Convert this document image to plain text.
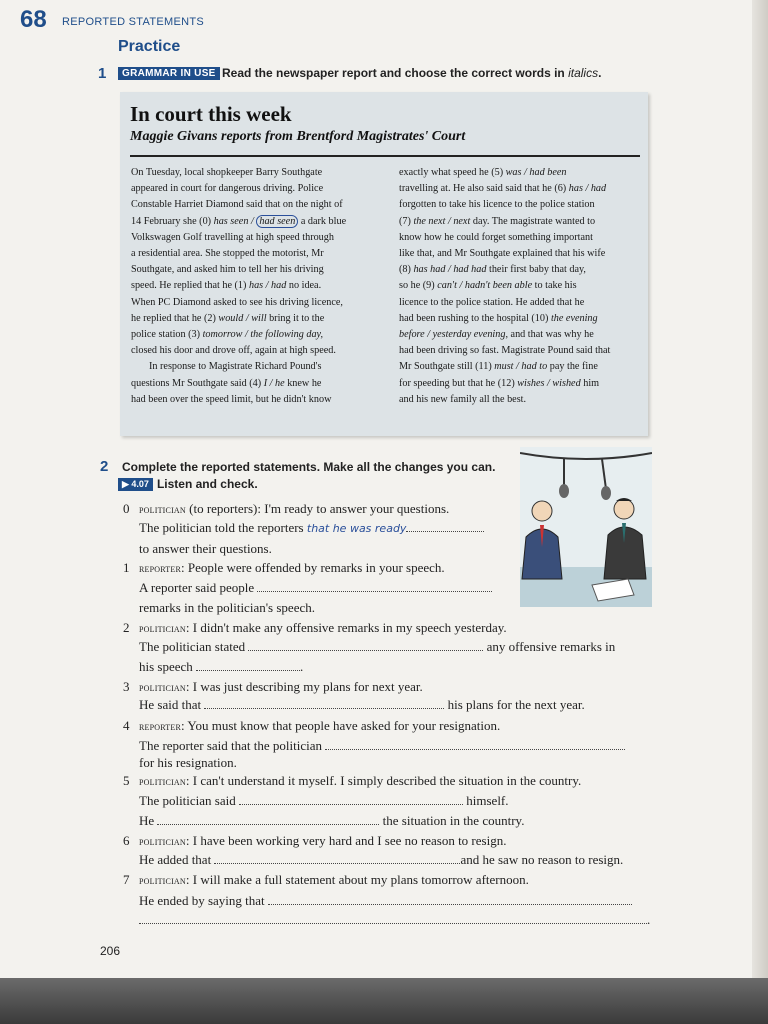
68 REPORTED STATEMENTS
Practice
1	GRAMMAR IN USE Read the newspaper report and choose the correct words in italics.
In court this week
Maggie Givans reports from Brentford Magistrates' Court
On Tuesday, local shopkeeper Barry Southgate
appeared in court for dangerous driving. Police
Constable Harriet Diamond said that on the night of
14 February she (0) has seen / had seen a dark blue
Volkswagen Golf travelling at high speed through
a residential area. She stopped the motorist, Mr
Southgate, and asked him to tell her his driving
speed. He replied that he (1) has / had no idea.
When PC Diamond asked to see his driving licence,
he replied that he (2) would / will bring it to the
police station (3) tomorrow / the following day,
closed his door and drove off, again at high speed.
In response to Magistrate Richard Pound's
questions Mr Southgate said (4) I / he knew he
had been over the speed limit, but he didn't know
exactly what speed he (5) was / had been
travelling at. He also said said that he (6) has / had
forgotten to take his licence to the police station
(7) the next / next day. The magistrate wanted to
know how he could forget something important
like that, and Mr Southgate explained that his wife
(8) has had / had had their first baby that day,
so he (9) can't / hadn't been able to take his
licence to the police station. He added that he
had been rushing to the hospital (10) the evening
before / yesterday evening, and that was why he
had been driving so fast. Magistrate Pound said that
Mr Southgate still (11) must / had to pay the fine
for speeding but that he (12) wishes / wished him
and his new family all the best.
2 Complete the reported statements. Make all the changes you can.
▶ 4.07 Listen and check.
0 politician (to reporters): I'm ready to answer your questions.
The politician told the reporters that he was ready
to answer their questions.
1 reporter: People were offended by remarks in your speech.
A reporter said people
remarks in the politician's speech.
2 politician: I didn't make any offensive remarks in my speech yesterday.
The politician stated	any offensive remarks in
his speech	.
3 politician: I was just describing my plans for next year.
He said that	his plans for the next year.
4 reporter: You must know that people have asked for your resignation.
The reporter said that the politician
for his resignation.
5 politician: I can't understand it myself. I simply described the situation in the country.
The politician said	himself.
He	the situation in the country.
6 politician: I have been working very hard and I see no reason to resign.
He added that	and he saw no reason to resign.
7 politician: I will make a full statement about my plans tomorrow afternoon.
He ended by saying that
.
206
